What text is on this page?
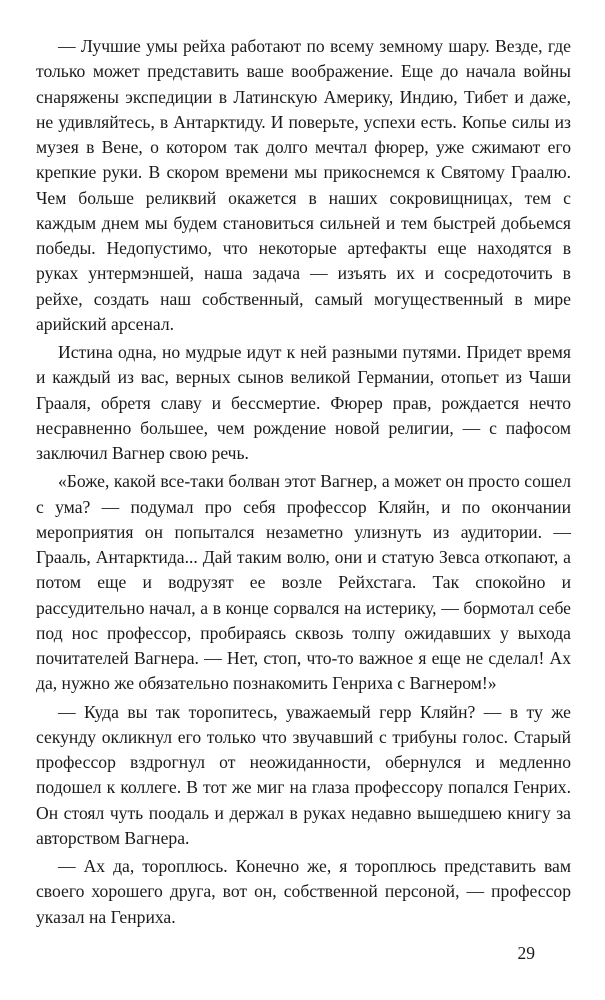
— Лучшие умы рейха работают по всему земному шару. Везде, где только может представить ваше воображение. Еще до начала войны снаряжены экспедиции в Латинскую Америку, Индию, Тибет и даже, не удивляйтесь, в Антарктиду. И поверьте, успехи есть. Копье силы из музея в Вене, о котором так долго мечтал фюрер, уже сжимают его крепкие руки. В скором времени мы прикоснемся к Святому Граалю. Чем больше реликвий окажется в наших сокровищницах, тем с каждым днем мы будем становиться сильней и тем быстрей добьемся победы. Недопустимо, что некоторые артефакты еще находятся в руках унтермэншей, наша задача — изъять их и сосредоточить в рейхе, создать наш собственный, самый могущественный в мире арийский арсенал.

Истина одна, но мудрые идут к ней разными путями. Придет время и каждый из вас, верных сынов великой Германии, отопьет из Чаши Грааля, обретя славу и бессмертие. Фюрер прав, рождается нечто несравненно большее, чем рождение новой религии, — с пафосом заключил Вагнер свою речь.

«Боже, какой все-таки болван этот Вагнер, а может он просто сошел с ума? — подумал про себя профессор Кляйн, и по окончании мероприятия он попытался незаметно улизнуть из аудитории. — Грааль, Антарктида... Дай таким волю, они и статую Зевса откопают, а потом еще и водрузят ее возле Рейхстага. Так спокойно и рассудительно начал, а в конце сорвался на истерику, — бормотал себе под нос профессор, пробираясь сквозь толпу ожидавших у выхода почитателей Вагнера. — Нет, стоп, что-то важное я еще не сделал! Ах да, нужно же обязательно познакомить Генриха с Вагнером!»

— Куда вы так торопитесь, уважаемый герр Кляйн? — в ту же секунду окликнул его только что звучавший с трибуны голос. Старый профессор вздрогнул от неожиданности, обернулся и медленно подошел к коллеге. В тот же миг на глаза профессору попался Генрих. Он стоял чуть поодаль и держал в руках недавно вышедшею книгу за авторством Вагнера.

— Ах да, тороплюсь. Конечно же, я тороплюсь представить вам своего хорошего друга, вот он, собственной персоной, — профессор указал на Генриха.

29
